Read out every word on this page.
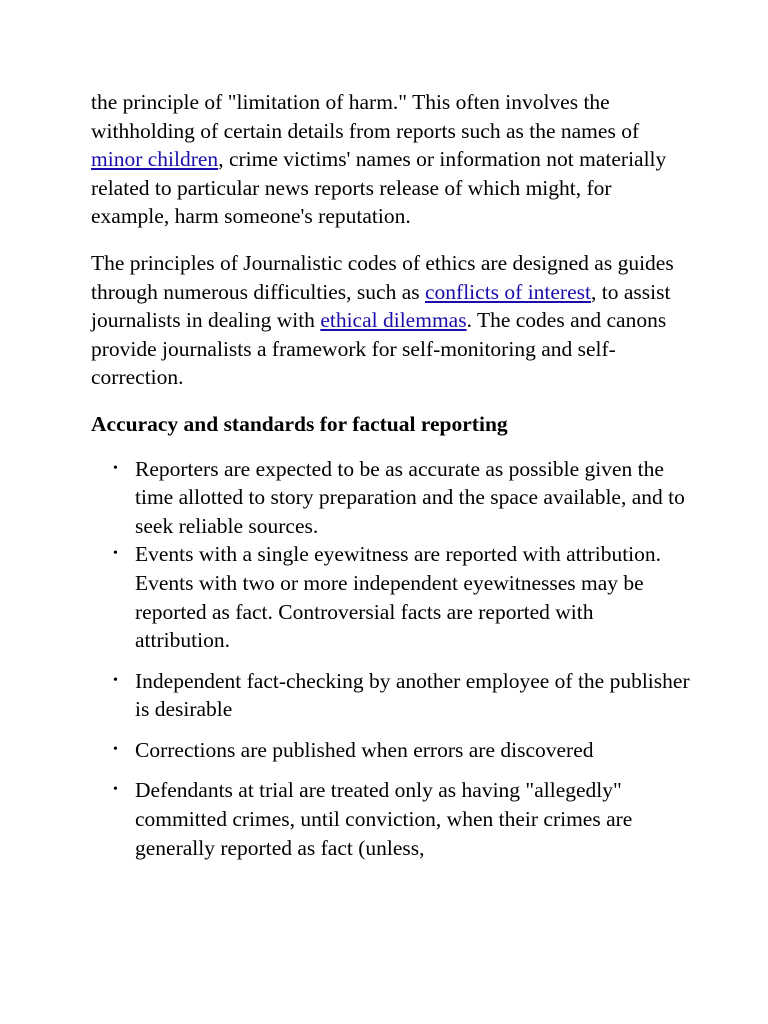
the principle of "limitation of harm." This often involves the withholding of certain details from reports such as the names of minor children, crime victims' names or information not materially related to particular news reports release of which might, for example, harm someone's reputation.

The principles of Journalistic codes of ethics are designed as guides through numerous difficulties, such as conflicts of interest, to assist journalists in dealing with ethical dilemmas. The codes and canons provide journalists a framework for self-monitoring and self-correction.

Accuracy and standards for factual reporting
• Reporters are expected to be as accurate as possible given the time allotted to story preparation and the space available, and to seek reliable sources.
• Events with a single eyewitness are reported with attribution. Events with two or more independent eyewitnesses may be reported as fact. Controversial facts are reported with attribution.
• Independent fact-checking by another employee of the publisher is desirable
• Corrections are published when errors are discovered
• Defendants at trial are treated only as having "allegedly" committed crimes, until conviction, when their crimes are generally reported as fact (unless,
